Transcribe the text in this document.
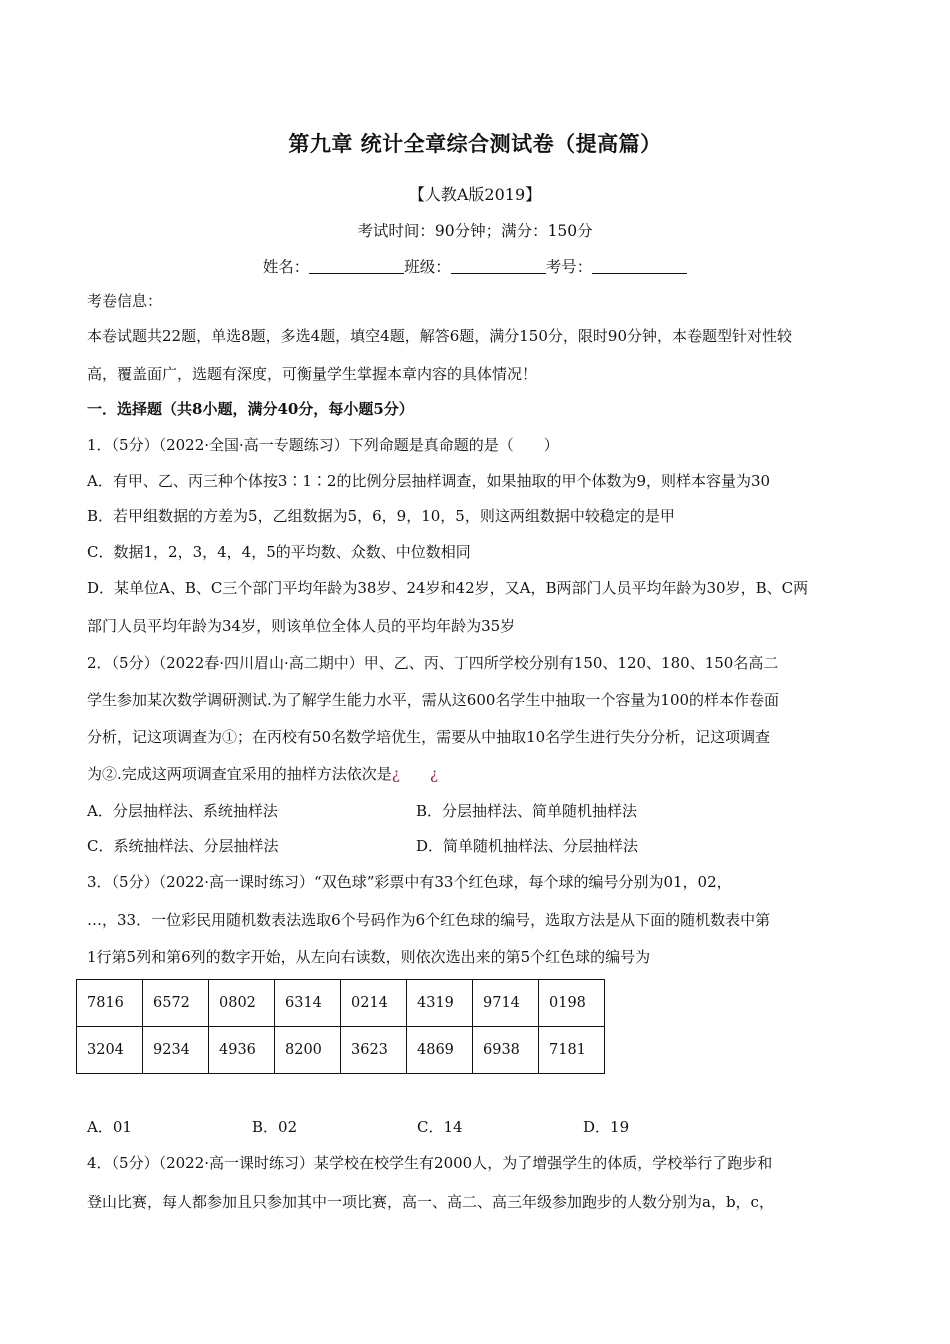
第九章 统计全章综合测试卷（提高篇）
【人教A版2019】
考试时间：90分钟；满分：150分
姓名：	班级：	考号：
考卷信息：
本卷试题共22题，单选8题，多选4题，填空4题，解答6题，满分150分，限时90分钟，本卷题型针对性较
高，覆盖面广，选题有深度，可衡量学生掌握本章内容的具体情况！
一．选择题（共8小题，满分40分，每小题5分）
1．（5分）（2022·全国·高一专题练习）下列命题是真命题的是（　　）
A．有甲、乙、丙三种个体按3∶1∶2的比例分层抽样调查，如果抽取的甲个体数为9，则样本容量为30
B．若甲组数据的方差为5，乙组数据为5，6，9，10，5，则这两组数据中较稳定的是甲
C．数据1，2，3，4，4，5的平均数、众数、中位数相同
D．某单位A、B、C三个部门平均年龄为38岁、24岁和42岁，又A，B两部门人员平均年龄为30岁，B、C两
部门人员平均年龄为34岁，则该单位全体人员的平均年龄为35岁
2．（5分）（2022春·四川眉山·高二期中）甲、乙、丙、丁四所学校分别有150、120、180、150名高二
学生参加某次数学调研测试.为了解学生能力水平，需从这600名学生中抽取一个容量为100的样本作卷面
分析，记这项调查为①；在丙校有50名数学培优生，需要从中抽取10名学生进行失分分析，记这项调查
为②.完成这两项调查宜采用的抽样方法依次是¿　　¿
A．分层抽样法、系统抽样法	B．分层抽样法、简单随机抽样法
C．系统抽样法、分层抽样法	D．简单随机抽样法、分层抽样法
3．（5分）（2022·高一课时练习）“双色球”彩票中有33个红色球，每个球的编号分别为01，02，
…，33．一位彩民用随机数表法选取6个号码作为6个红色球的编号，选取方法是从下面的随机数表中第
1行第5列和第6列的数字开始，从左向右读数，则依次选出来的第5个红色球的编号为
7816	6572	0802	6314	0214	4319	9714	0198
3204	9234	4936	8200	3623	4869	6938	7181
A．01	B．02	C．14	D．19
4．（5分）（2022·高一课时练习）某学校在校学生有2000人，为了增强学生的体质，学校举行了跑步和
登山比赛，每人都参加且只参加其中一项比赛，高一、高二、高三年级参加跑步的人数分别为a，b，c，
